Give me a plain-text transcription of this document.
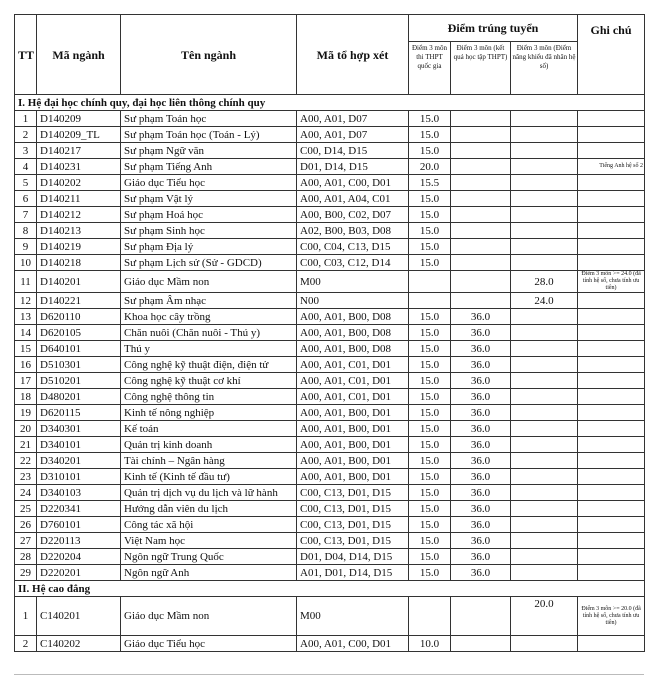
TT	Mã ngành	Tên ngành	Mã tổ hợp xét	Điểm trúng tuyển			Ghi chú
				Điểm 3 môn thi THPT quốc gia	Điểm 3 môn (kết quả học tập THPT)	Điểm 3 môn (Điểm năng khiếu đã nhân hệ số)	
I. Hệ đại học chính quy, đại học liên thông chính quy							
1	D140209	Sư phạm Toán học	A00, A01, D07	15.0			
2	D140209_TL	Sư phạm Toán học (Toán - Lý)	A00, A01, D07	15.0			
3	D140217	Sư phạm Ngữ văn	C00, D14, D15	15.0			
4	D140231	Sư phạm Tiếng Anh	D01, D14, D15	20.0			Tiếng Anh hệ số 2
5	D140202	Giáo dục Tiểu học	A00, A01, C00, D01	15.5			
6	D140211	Sư phạm Vật lý	A00, A01, A04, C01	15.0			
7	D140212	Sư phạm Hoá học	A00, B00, C02, D07	15.0			
8	D140213	Sư phạm Sinh học	A02, B00, B03, D08	15.0			
9	D140219	Sư phạm Địa lý	C00, C04, C13, D15	15.0			
10	D140218	Sư phạm Lịch sử (Sử - GDCD)	C00, C03, C12, D14	15.0			
11	D140201	Giáo dục Mầm non	M00			28.0	Điểm 3 môn >= 24.0 (đã tính hệ số, chưa tính ưu tiên)
12	D140221	Sư phạm Âm nhạc	N00			24.0	
13	D620110	Khoa học cây trồng	A00, A01, B00, D08	15.0	36.0		
14	D620105	Chăn nuôi (Chăn nuôi - Thú y)	A00, A01, B00, D08	15.0	36.0		
15	D640101	Thú y	A00, A01, B00, D08	15.0	36.0		
16	D510301	Công nghệ kỹ thuật điện, điện tử	A00, A01, C01, D01	15.0	36.0		
17	D510201	Công nghệ kỹ thuật cơ khí	A00, A01, C01, D01	15.0	36.0		
18	D480201	Công nghệ thông tin	A00, A01, C01, D01	15.0	36.0		
19	D620115	Kinh tế nông nghiệp	A00, A01, B00, D01	15.0	36.0		
20	D340301	Kế toán	A00, A01, B00, D01	15.0	36.0		
21	D340101	Quản trị kinh doanh	A00, A01, B00, D01	15.0	36.0		
22	D340201	Tài chính – Ngân hàng	A00, A01, B00, D01	15.0	36.0		
23	D310101	Kinh tế (Kinh tế đầu tư)	A00, A01, B00, D01	15.0	36.0		
24	D340103	Quản trị dịch vụ du lịch và lữ hành	C00, C13, D01, D15	15.0	36.0		
25	D220341	Hướng dẫn viên du lịch	C00, C13, D01, D15	15.0	36.0		
26	D760101	Công tác xã hội	C00, C13, D01, D15	15.0	36.0		
27	D220113	Việt Nam học	C00, C13, D01, D15	15.0	36.0		
28	D220204	Ngôn ngữ Trung Quốc	D01, D04, D14, D15	15.0	36.0		
29	D220201	Ngôn ngữ Anh	A01, D01, D14, D15	15.0	36.0		
II. Hệ cao đẳng							
1	C140201	Giáo dục Mầm non	M00			20.0	Điểm 3 môn >= 20.0 (đã tính hệ số, chưa tính ưu tiên)
2	C140202	Giáo dục Tiểu học	A00, A01, C00, D01	10.0			
